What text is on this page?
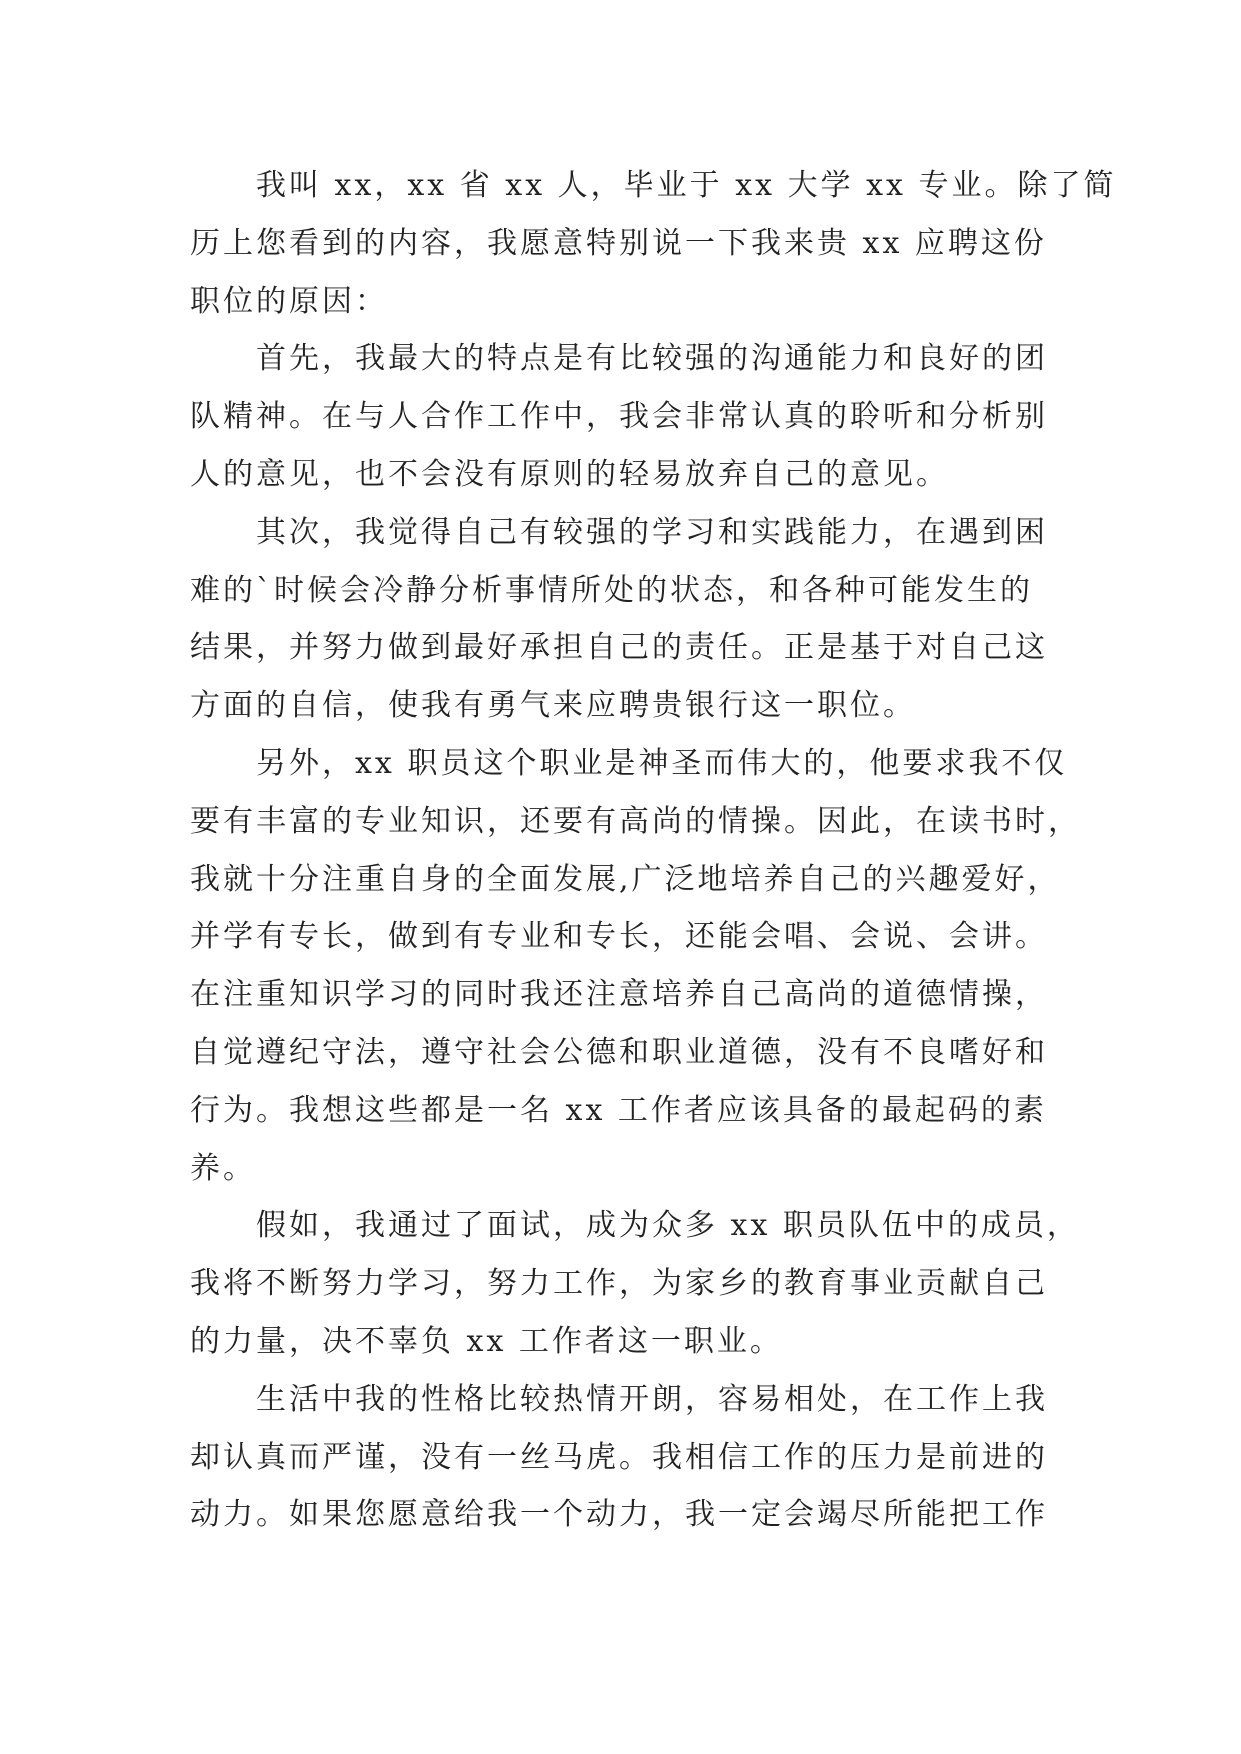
我叫 xx，xx 省 xx 人，毕业于 xx 大学 xx 专业。除了简
历上您看到的内容，我愿意特别说一下我来贵 xx 应聘这份
职位的原因：
首先，我最大的特点是有比较强的沟通能力和良好的团
队精神。在与人合作工作中，我会非常认真的聆听和分析别
人的意见，也不会没有原则的轻易放弃自己的意见。
其次，我觉得自己有较强的学习和实践能力，在遇到困
难的`时候会冷静分析事情所处的状态，和各种可能发生的
结果，并努力做到最好承担自己的责任。正是基于对自己这
方面的自信，使我有勇气来应聘贵银行这一职位。
另外，xx 职员这个职业是神圣而伟大的，他要求我不仅
要有丰富的专业知识，还要有高尚的情操。因此，在读书时，
我就十分注重自身的全面发展,广泛地培养自己的兴趣爱好，
并学有专长，做到有专业和专长，还能会唱、会说、会讲。
在注重知识学习的同时我还注意培养自己高尚的道德情操，
自觉遵纪守法，遵守社会公德和职业道德，没有不良嗜好和
行为。我想这些都是一名 xx 工作者应该具备的最起码的素
养。
假如，我通过了面试，成为众多 xx 职员队伍中的成员，
我将不断努力学习，努力工作，为家乡的教育事业贡献自己
的力量，决不辜负 xx 工作者这一职业。
生活中我的性格比较热情开朗，容易相处，在工作上我
却认真而严谨，没有一丝马虎。我相信工作的压力是前进的
动力。如果您愿意给我一个动力，我一定会竭尽所能把工作
